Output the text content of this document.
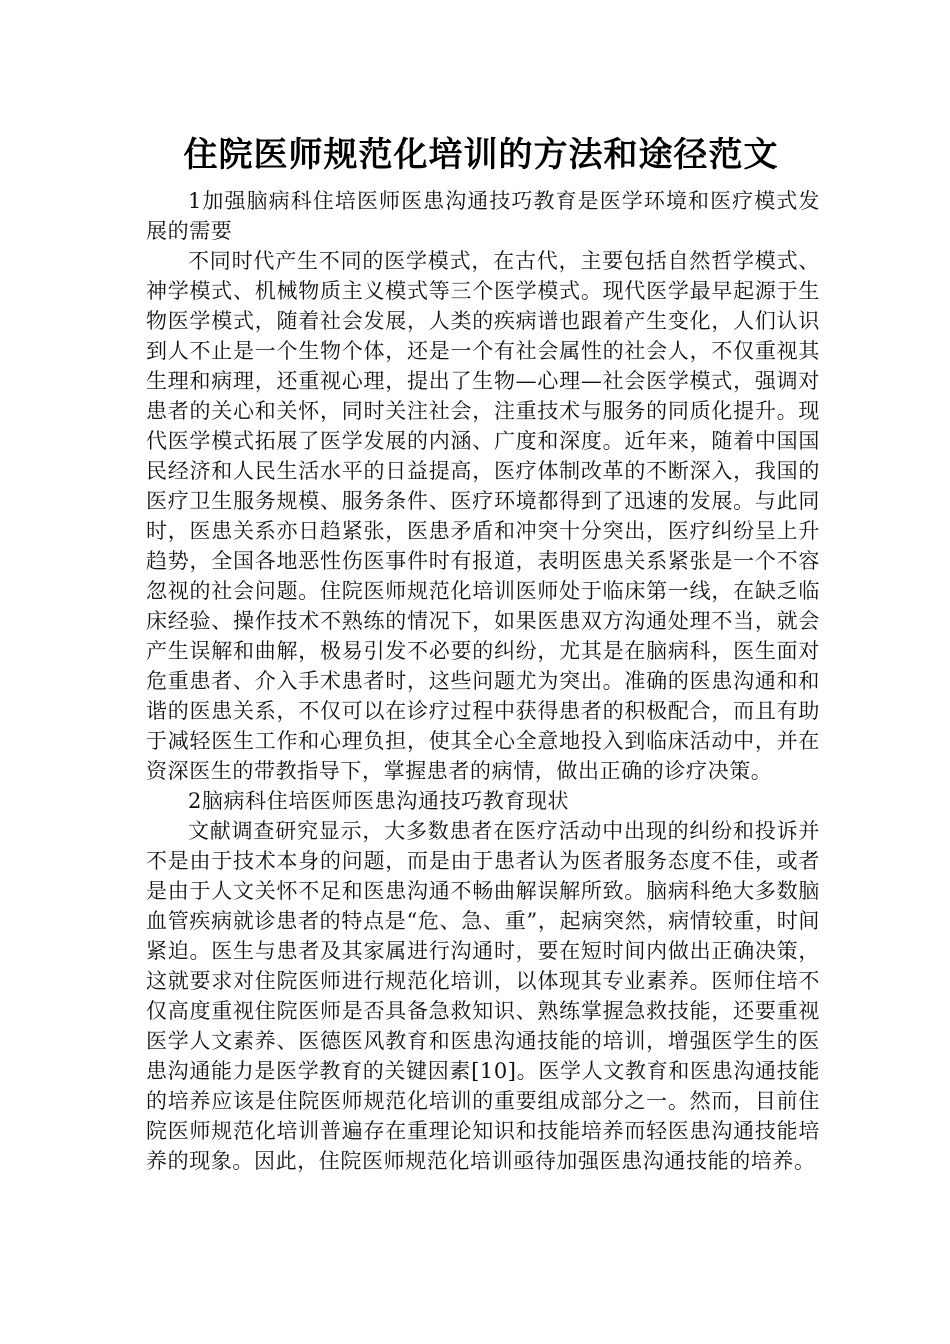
住院医师规范化培训的方法和途径范文

1加强脑病科住培医师医患沟通技巧教育是医学环境和医疗模式发展的需要

不同时代产生不同的医学模式，在古代，主要包括自然哲学模式、神学模式、机械物质主义模式等三个医学模式。现代医学最早起源于生物医学模式，随着社会发展，人类的疾病谱也跟着产生变化，人们认识到人不止是一个生物个体，还是一个有社会属性的社会人，不仅重视其生理和病理，还重视心理，提出了生物—心理—社会医学模式，强调对患者的关心和关怀，同时关注社会，注重技术与服务的同质化提升。现代医学模式拓展了医学发展的内涵、广度和深度。近年来，随着中国国民经济和人民生活水平的日益提高，医疗体制改革的不断深入，我国的医疗卫生服务规模、服务条件、医疗环境都得到了迅速的发展。与此同时，医患关系亦日趋紧张，医患矛盾和冲突十分突出，医疗纠纷呈上升趋势，全国各地恶性伤医事件时有报道，表明医患关系紧张是一个不容忽视的社会问题。住院医师规范化培训医师处于临床第一线，在缺乏临床经验、操作技术不熟练的情况下，如果医患双方沟通处理不当，就会产生误解和曲解，极易引发不必要的纠纷，尤其是在脑病科，医生面对危重患者、介入手术患者时，这些问题尤为突出。准确的医患沟通和和谐的医患关系，不仅可以在诊疗过程中获得患者的积极配合，而且有助于减轻医生工作和心理负担，使其全心全意地投入到临床活动中，并在资深医生的带教指导下，掌握患者的病情，做出正确的诊疗决策。

2脑病科住培医师医患沟通技巧教育现状

文献调查研究显示，大多数患者在医疗活动中出现的纠纷和投诉并不是由于技术本身的问题，而是由于患者认为医者服务态度不佳，或者是由于人文关怀不足和医患沟通不畅曲解误解所致。脑病科绝大多数脑血管疾病就诊患者的特点是“危、急、重”，起病突然，病情较重，时间紧迫。医生与患者及其家属进行沟通时，要在短时间内做出正确决策，这就要求对住院医师进行规范化培训，以体现其专业素养。医师住培不仅高度重视住院医师是否具备急救知识、熟练掌握急救技能，还要重视医学人文素养、医德医风教育和医患沟通技能的培训，增强医学生的医患沟通能力是医学教育的关键因素[10]。医学人文教育和医患沟通技能的培养应该是住院医师规范化培训的重要组成部分之一。然而，目前住院医师规范化培训普遍存在重理论知识和技能培养而轻医患沟通技能培养的现象。因此，住院医师规范化培训亟待加强医患沟通技能的培养。
